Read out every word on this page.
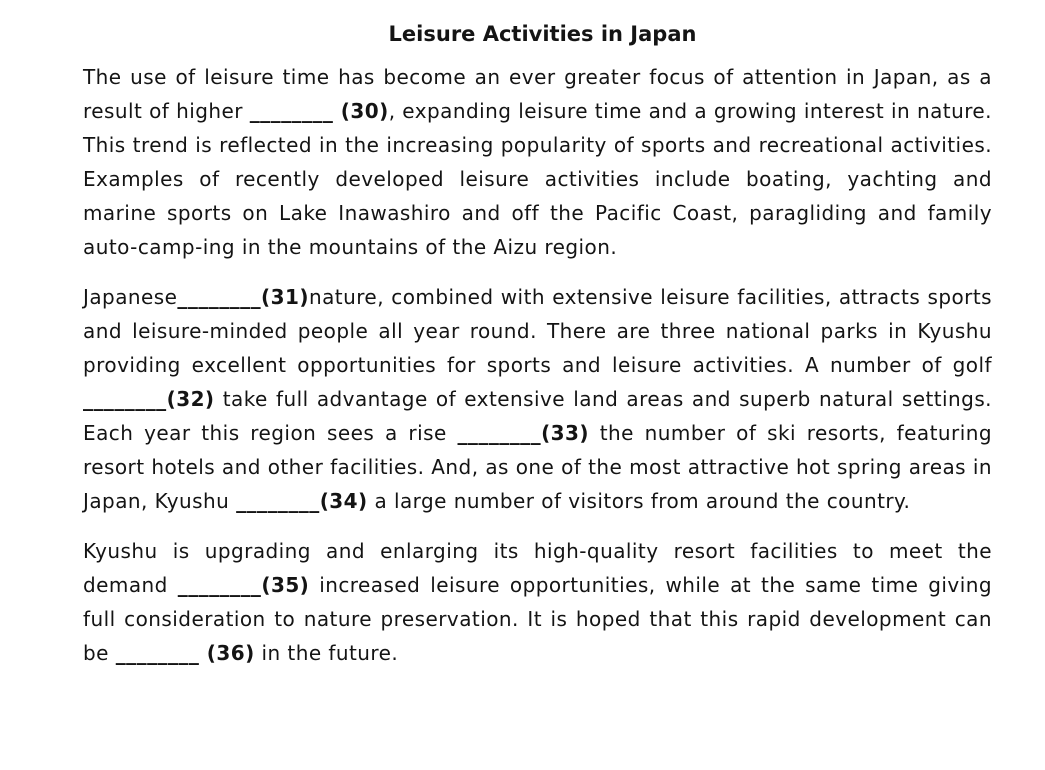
Leisure Activities in Japan

The use of leisure time has become an ever greater focus of attention in Japan, as a result of higher ________ (30), expanding leisure time and a growing interest in nature. This trend is reflected in the increasing popularity of sports and recreational activities. Examples of recently developed leisure activities include boating, yachting and marine sports on Lake Inawashiro and off the Pacific Coast, paragliding and family auto-camp-ing in the mountains of the Aizu region.

Japanese________(31)nature, combined with extensive leisure facilities, attracts sports and leisure-minded people all year round. There are three national parks in Kyushu providing excellent opportunities for sports and leisure activities. A number of golf ________(32) take full advantage of extensive land areas and superb natural settings. Each year this region sees a rise ________(33) the number of ski resorts, featuring resort hotels and other facilities. And, as one of the most attractive hot spring areas in Japan, Kyushu ________(34) a large number of visitors from around the country.

Kyushu is upgrading and enlarging its high-quality resort facilities to meet the demand ________(35) increased leisure opportunities, while at the same time giving full consideration to nature preservation. It is hoped that this rapid development can be ________ (36) in the future.
